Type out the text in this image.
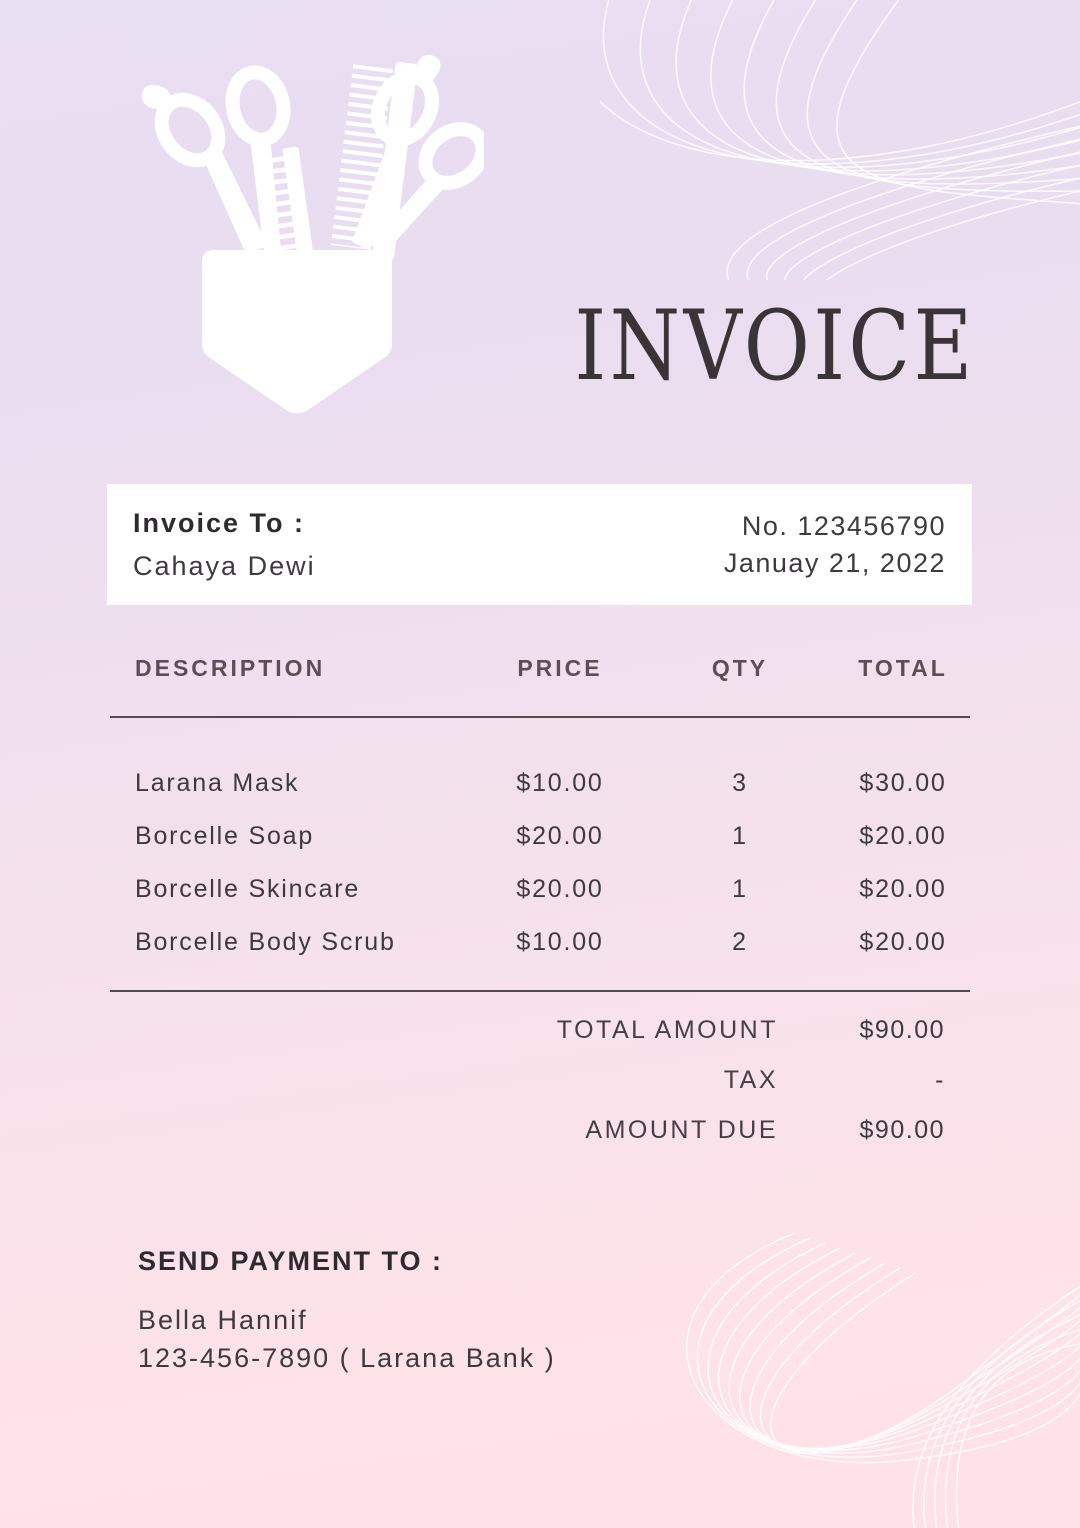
INVOICE
Invoice To :
Cahaya Dewi
No. 123456790
Januay 21, 2022
DESCRIPTION	PRICE	QTY	TOTAL
Larana Mask	$10.00	3	$30.00
Borcelle Soap	$20.00	1	$20.00
Borcelle Skincare	$20.00	1	$20.00
Borcelle Body Scrub	$10.00	2	$20.00
TOTAL AMOUNT	$90.00
TAX	-
AMOUNT DUE	$90.00
SEND PAYMENT TO :
Bella Hannif
123-456-7890 ( Larana Bank )
